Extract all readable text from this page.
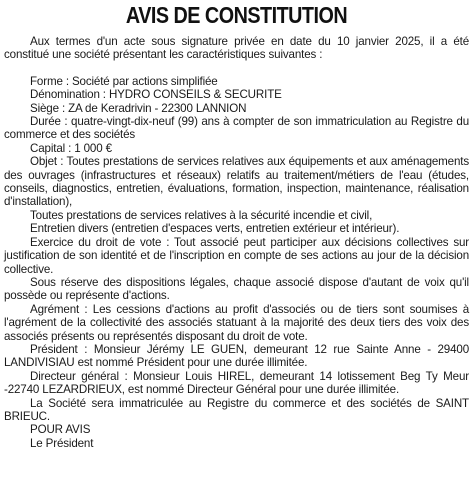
AVIS DE CONSTITUTION

Aux termes d'un acte sous signature privée en date du 10 janvier 2025, il a été constitué une société présentant les caractéristiques suivantes :

Forme : Société par actions simplifiée

Dénomination : HYDRO CONSEILS & SECURITE

Siège : ZA de Keradrivin - 22300 LANNION

Durée : quatre-vingt-dix-neuf (99) ans à compter de son immatriculation au Registre du commerce et des sociétés

Capital : 1 000 €

Objet : Toutes prestations de services relatives aux équipements et aux aménagements des ouvrages (infrastructures et réseaux) relatifs au traitement/métiers de l'eau (études, conseils, diagnostics, entretien, évaluations, formation, inspection, maintenance, réalisation d'installation),

Toutes prestations de services relatives à la sécurité incendie et civil,

Entretien divers (entretien d'espaces verts, entretien extérieur et intérieur).

Exercice du droit de vote : Tout associé peut participer aux décisions collectives sur justification de son identité et de l'inscription en compte de ses actions au jour de la décision collective.

Sous réserve des dispositions légales, chaque associé dispose d'autant de voix qu'il possède ou représente d'actions.

Agrément : Les cessions d'actions au profit d'associés ou de tiers sont soumises à l'agrément de la collectivité des associés statuant à la majorité des deux tiers des voix des associés présents ou représentés disposant du droit de vote.

Président : Monsieur Jérémy LE GUEN, demeurant 12 rue Sainte Anne - 29400 LANDIVISIAU est nommé Président pour une durée illimitée.

Directeur général : Monsieur Louis HIREL, demeurant 14 lotissement Beg Ty Meur -22740 LEZARDRIEUX, est nommé Directeur Général pour une durée illimitée.

La Société sera immatriculée au Registre du commerce et des sociétés de SAINT BRIEUC.

POUR AVIS

Le Président
